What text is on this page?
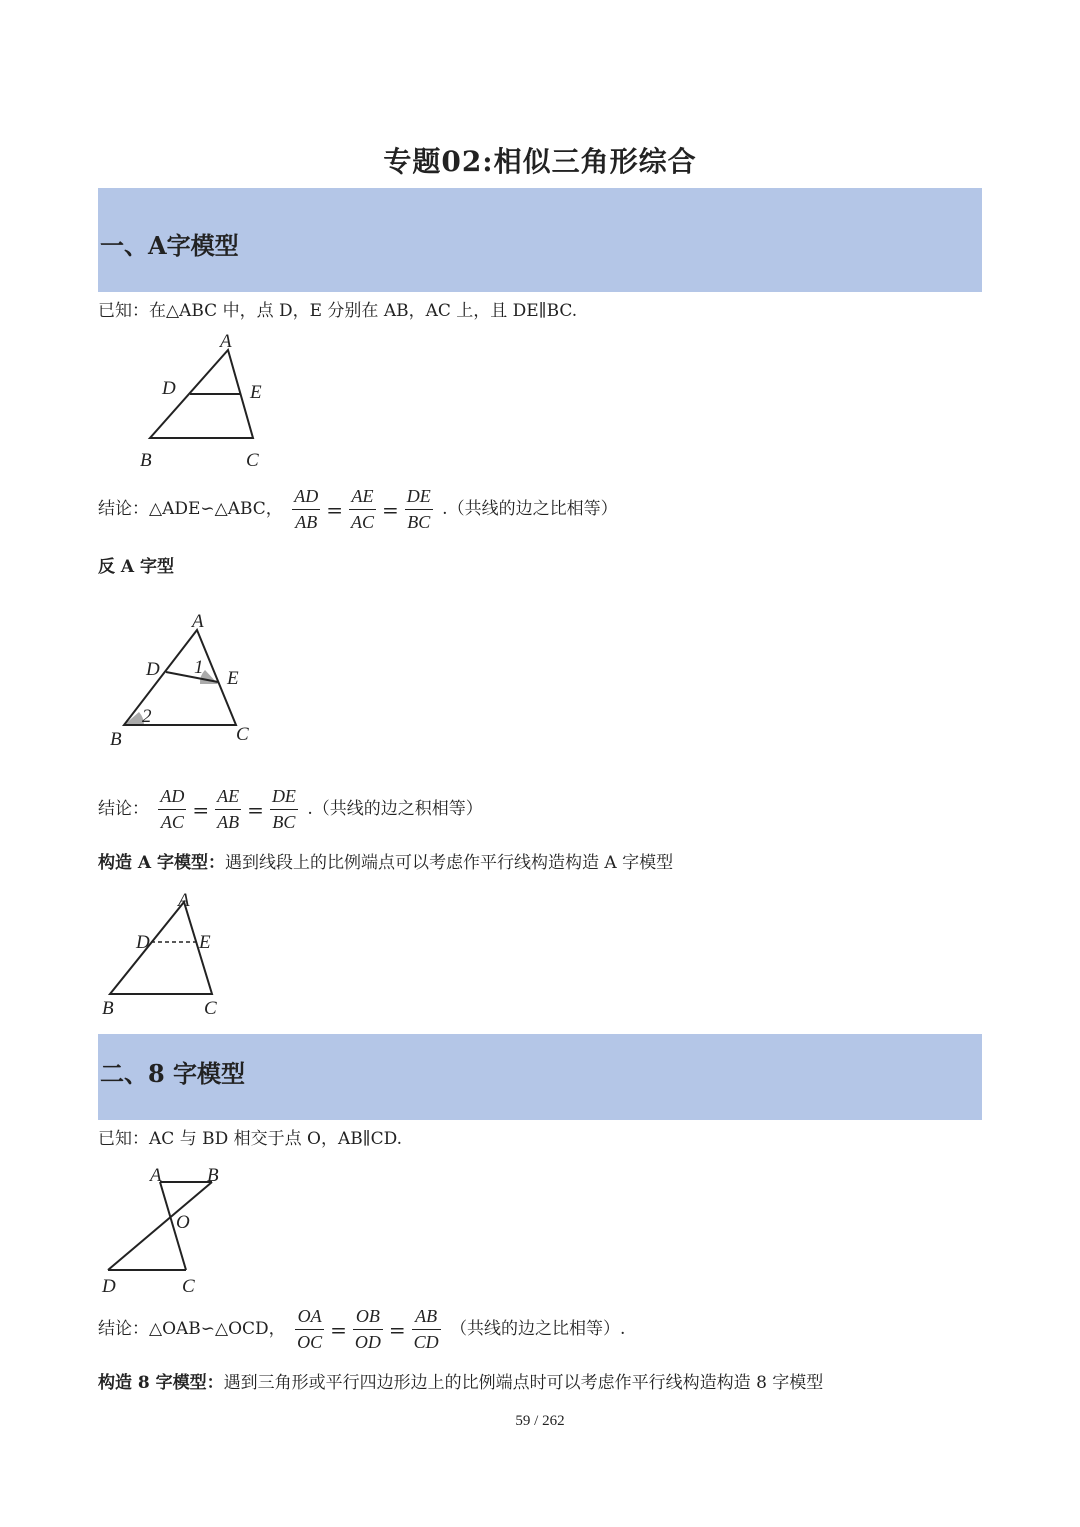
专题02:相似三角形综合
一、A字模型
已知：在△ABC 中，点 D，E 分别在 AB，AC 上，且 DE∥BC.
A
D	E
B	C
结论：△ADE∽△ABC， $\frac{AD}{AB} = \frac{AE}{AC} = \frac{DE}{BC}$ .（共线的边之比相等）
反 A 字型
A
D	E
1
2
B	C
结论： $\frac{AD}{AC} = \frac{AE}{AB} = \frac{DE}{BC}$ .（共线的边之积相等）
构造 A 字模型：遇到线段上的比例端点可以考虑作平行线构造构造 A 字模型
A
D	E
B	C
二、8 字模型
已知：AC 与 BD 相交于点 O，AB∥CD.
A B
O
D	C
结论：△OAB∽△OCD， $\frac{OA}{OC} = \frac{OB}{OD} = \frac{AB}{CD}$ （共线的边之比相等）.
构造 8 字模型：遇到三角形或平行四边形边上的比例端点时可以考虑作平行线构造构造 8 字模型
59 / 262
